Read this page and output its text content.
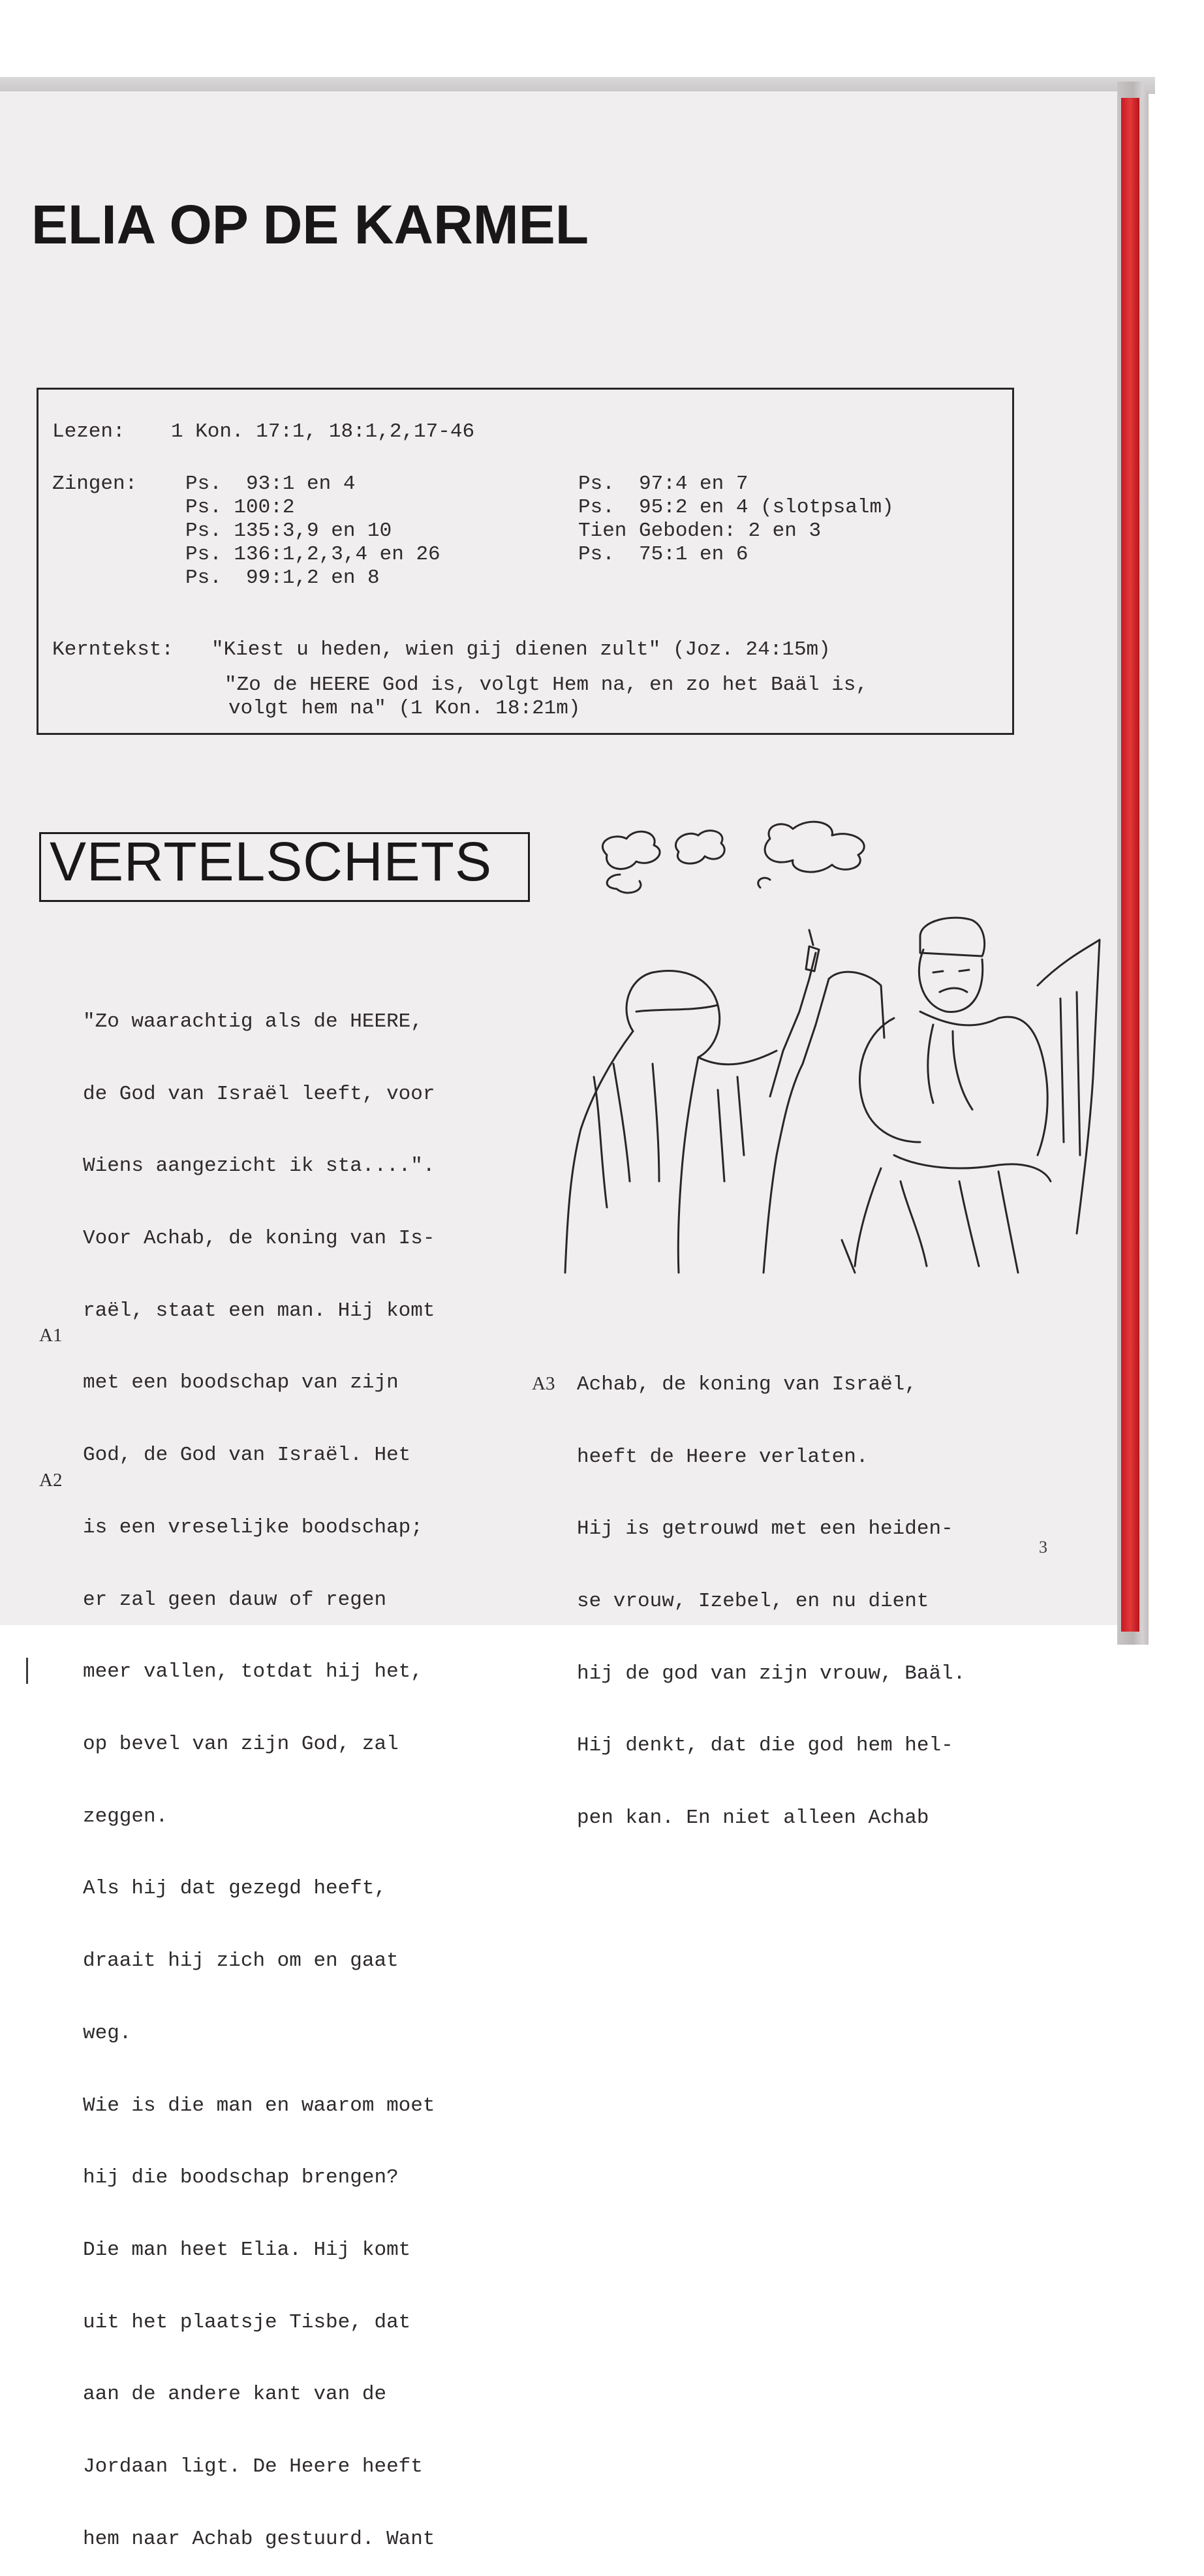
ELIA OP DE KARMEL
Lezen: 1 Kon. 17:1, 18:1,2,17-46
Zingen: Ps.  93:1 en 4
Ps. 100:2
Ps. 135:3,9 en 10
Ps. 136:1,2,3,4 en 26
Ps.  99:1,2 en 8
Ps.  97:4 en 7
Ps.  95:2 en 4 (slotpsalm)
Tien Geboden: 2 en 3
Ps.  75:1 en 6
Kerntekst: "Kiest u heden, wien gij dienen zult" (Joz. 24:15m)
"Zo de HEERE God is, volgt Hem na, en zo het Baäl is,
volgt hem na" (1 Kon. 18:21m)
VERTELSCHETS

"Zo waarachtig als de HEERE,

de God van Israël leeft, voor

Wiens aangezicht ik sta....".

Voor Achab, de koning van Is-

raël, staat een man. Hij komt

met een boodschap van zijn

God, de God van Israël. Het

is een vreselijke boodschap;

er zal geen dauw of regen

meer vallen, totdat hij het,

op bevel van zijn God, zal

zeggen.

Als hij dat gezegd heeft,

draait hij zich om en gaat

weg.

Wie is die man en waarom moet

hij die boodschap brengen?

Die man heet Elia. Hij komt

uit het plaatsje Tisbe, dat

aan de andere kant van de

Jordaan ligt. De Heere heeft

hem naar Achab gestuurd. Want

A1
A2
A3

Achab, de koning van Israël,

heeft de Heere verlaten.

Hij is getrouwd met een heiden-

se vrouw, Izebel, en nu dient

hij de god van zijn vrouw, Baäl.

Hij denkt, dat die god hem hel-

pen kan. En niet alleen Achab

3
